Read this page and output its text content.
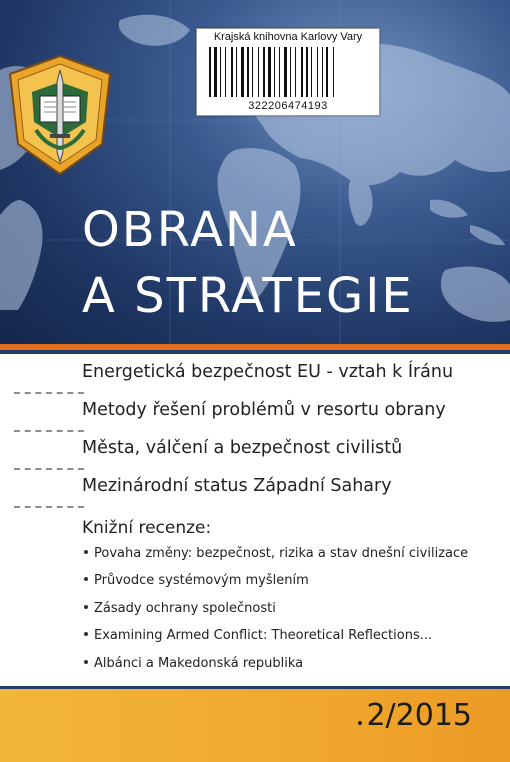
OBRANA
A STRATEGIE
Krajská knihovna Karlovy Vary
322206474193
Energetická bezpečnost EU - vztah k Íránu
Metody řešení problémů v resortu obrany
Města, válčení a bezpečnost civilistů
Mezinárodní status Západní Sahary
Knižní recenze:
Povaha změny: bezpečnost, rizika a stav dnešní civilizace
Průvodce systémovým myšlením
Zásady ochrany společnosti
Examining Armed Conflict: Theoretical Reflections...
Albánci a Makedonská republika
2/2015
